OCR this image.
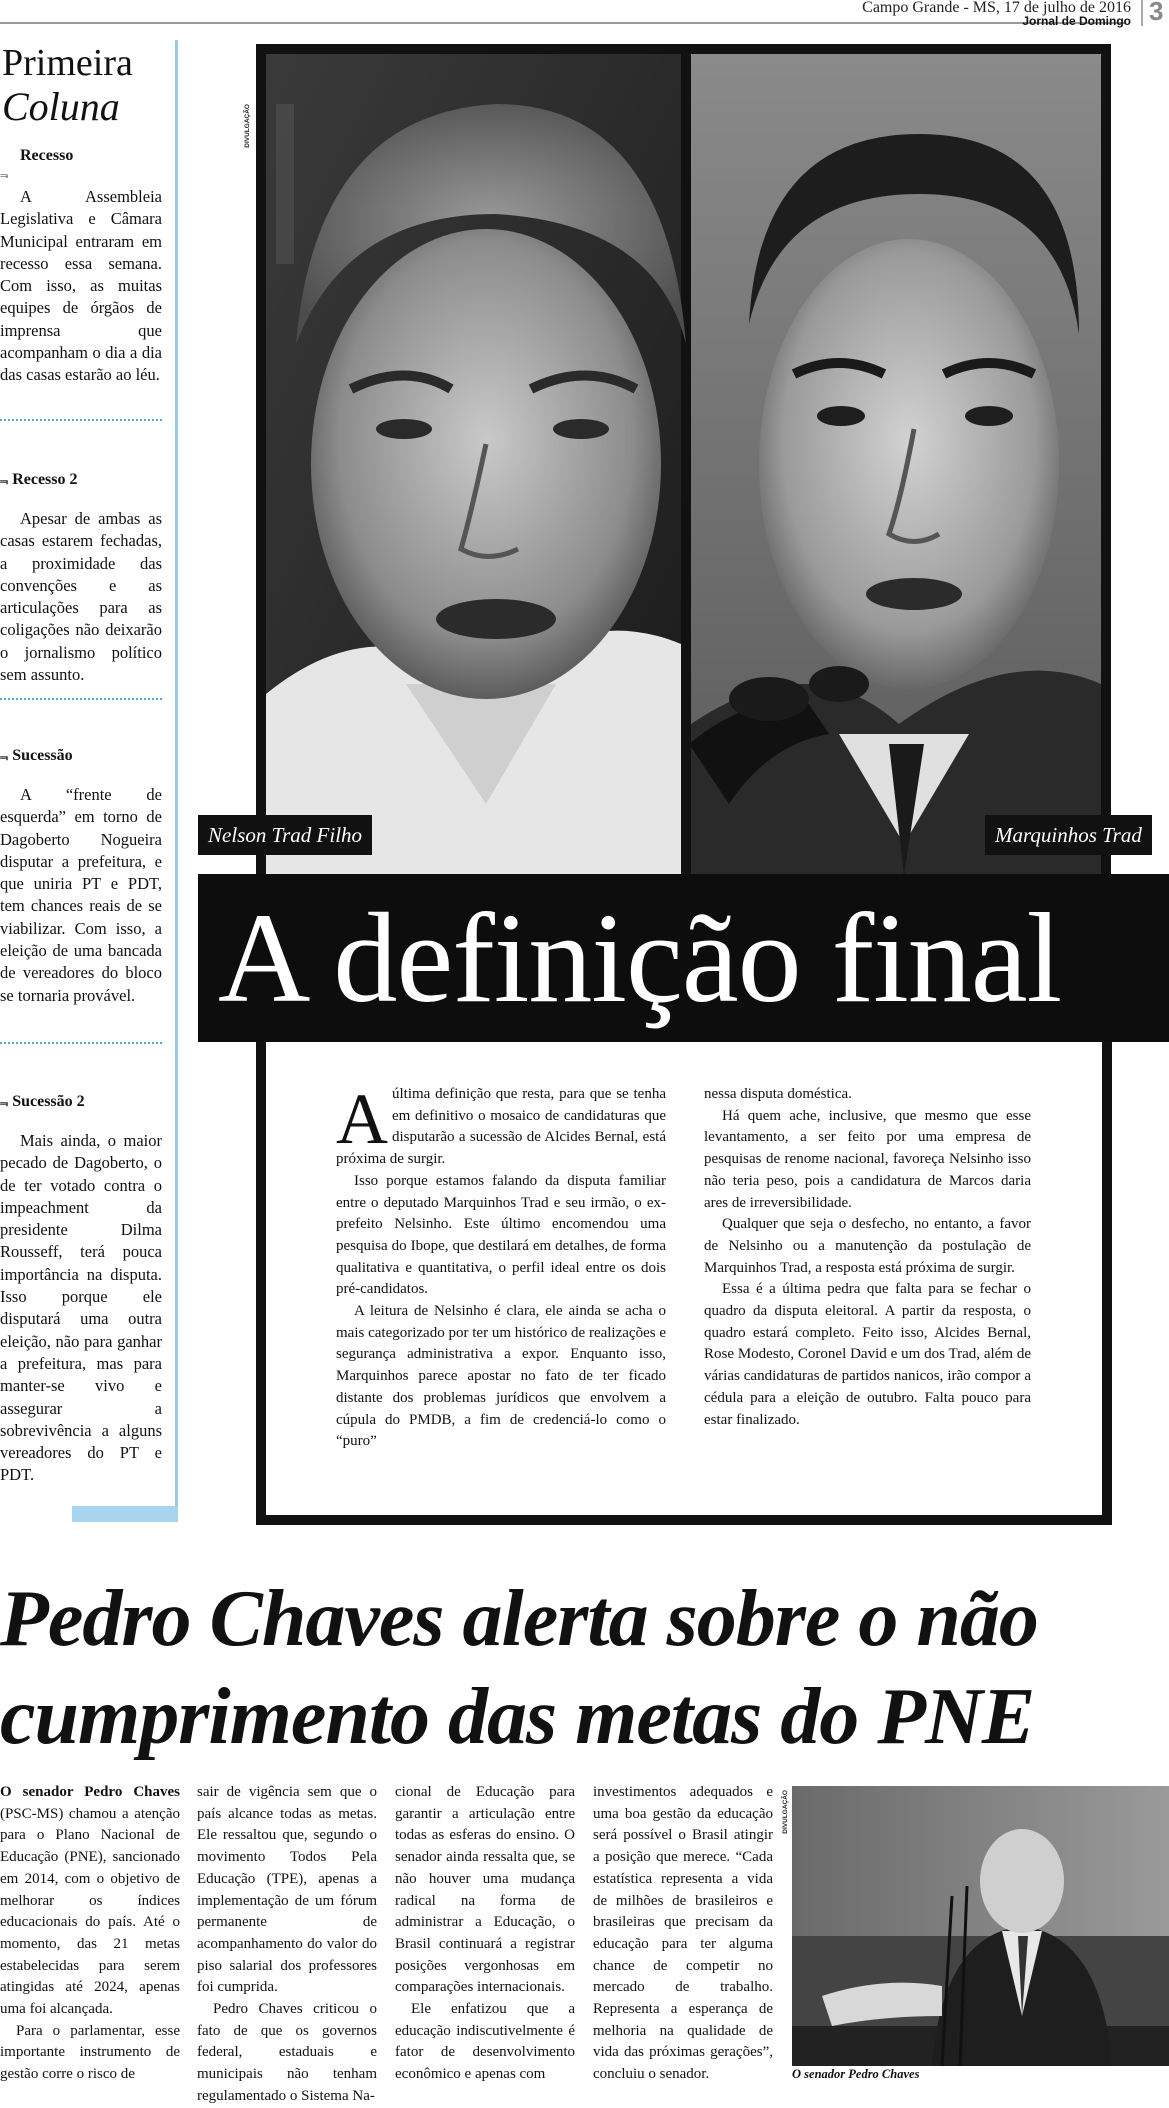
Campo Grande - MS, 17 de julho de 2016
Jornal de Domingo 3
Primeira
Coluna
Recesso
⫬
A Assembleia Legislativa e Câmara Municipal entraram em recesso essa semana. Com isso, as muitas equipes de órgãos de imprensa que acompanham o dia a dia das casas estarão ao léu.
⫬ Recesso 2
Apesar de ambas as casas estarem fechadas, a proximidade das convenções e as articulações para as coligações não deixarão o jornalismo político sem assunto.
⫬ Sucessão
A “frente de esquerda” em torno de Dagoberto Nogueira disputar a prefeitura, e que uniria PT e PDT, tem chances reais de se viabilizar. Com isso, a eleição de uma bancada de vereadores do bloco se tornaria provável.
⫬ Sucessão 2
Mais ainda, o maior pecado de Dagoberto, o de ter votado contra o impeachment da presidente Dilma Rousseff, terá pouca importância na disputa. Isso porque ele disputará uma outra eleição, não para ganhar a prefeitura, mas para manter-se vivo e assegurar a sobrevivência a alguns vereadores do PT e PDT.
DIVULGAÇÃO
Nelson Trad Filho	Marquinhos Trad
A definição final

Aúltima definição que resta, para que se tenha em definitivo o mosaico de candidaturas que disputarão a sucessão de Alcides Bernal, está próxima de surgir.

Isso porque estamos falando da disputa familiar entre o deputado Marquinhos Trad e seu irmão, o ex-prefeito Nelsinho. Este último encomendou uma pesquisa do Ibope, que destilará em detalhes, de forma qualitativa e quantitativa, o perfil ideal entre os dois pré-candidatos.

A leitura de Nelsinho é clara, ele ainda se acha o mais categorizado por ter um histórico de realizações e segurança administrativa a expor. Enquanto isso, Marquinhos parece apostar no fato de ter ficado distante dos problemas jurídicos que envolvem a cúpula do PMDB, a fim de credenciá-lo como o “puro”

nessa disputa doméstica.

Há quem ache, inclusive, que mesmo que esse levantamento, a ser feito por uma empresa de pesquisas de renome nacional, favoreça Nelsinho isso não teria peso, pois a candidatura de Marcos daria ares de irreversibilidade.

Qualquer que seja o desfecho, no entanto, a favor de Nelsinho ou a manutenção da postulação de Marquinhos Trad, a resposta está próxima de surgir.

Essa é a última pedra que falta para se fechar o quadro da disputa eleitoral. A partir da resposta, o quadro estará completo. Feito isso, Alcides Bernal, Rose Modesto, Coronel David e um dos Trad, além de várias candidaturas de partidos nanicos, irão compor a cédula para a eleição de outubro. Falta pouco para estar finalizado.

Pedro Chaves alerta sobre o não
cumprimento das metas do PNE

O senador Pedro Chaves (PSC-MS) chamou a atenção para o Plano Nacional de Educação (PNE), sancionado em 2014, com o objetivo de melhorar os índices educacionais do país. Até o momento, das 21 metas estabelecidas para serem atingidas até 2024, apenas uma foi alcançada.

Para o parlamentar, esse importante instrumento de gestão corre o risco de

sair de vigência sem que o país alcance todas as metas. Ele ressaltou que, segundo o movimento Todos Pela Educação (TPE), apenas a implementação de um fórum permanente de acompanhamento do valor do piso salarial dos professores foi cumprida.

Pedro Chaves criticou o fato de que os governos federal, estaduais e municipais não tenham regulamentado o Sistema Na-

cional de Educação para garantir a articulação entre todas as esferas do ensino. O senador ainda ressalta que, se não houver uma mudança radical na forma de administrar a Educação, o Brasil continuará a registrar posições vergonhosas em comparações internacionais.

Ele enfatizou que a educação indiscutivelmente é fator de desenvolvimento econômico e apenas com

investimentos adequados e uma boa gestão da educação será possível o Brasil atingir a posição que merece. “Cada estatística representa a vida de milhões de brasileiros e brasileiras que precisam da educação para ter alguma chance de competir no mercado de trabalho. Representa a esperança de melhoria na qualidade de vida das próximas gerações”, concluiu o senador.

DIVULGAÇÃO
O senador Pedro Chaves
